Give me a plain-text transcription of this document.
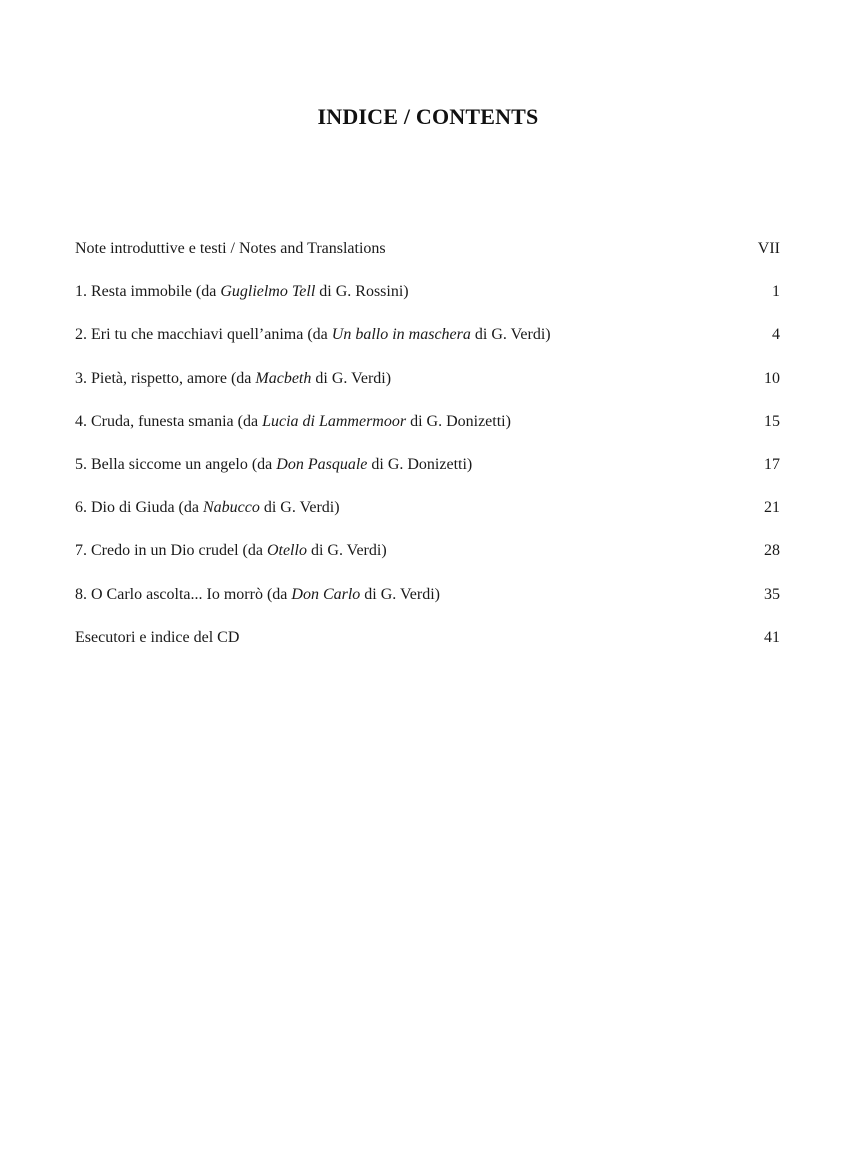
INDICE / CONTENTS
Note introduttive e testi / Notes and Translations	VII
1. Resta immobile (da Guglielmo Tell di G. Rossini)	1
2. Eri tu che macchiavi quell’anima (da Un ballo in maschera di G. Verdi)	4
3. Pietà, rispetto, amore (da Macbeth di G. Verdi)	10
4. Cruda, funesta smania (da Lucia di Lammermoor di G. Donizetti)	15
5. Bella siccome un angelo (da Don Pasquale di G. Donizetti)	17
6. Dio di Giuda (da Nabucco di G. Verdi)	21
7. Credo in un Dio crudel (da Otello di G. Verdi)	28
8. O Carlo ascolta... Io morrò (da Don Carlo di G. Verdi)	35
Esecutori e indice del CD	41
